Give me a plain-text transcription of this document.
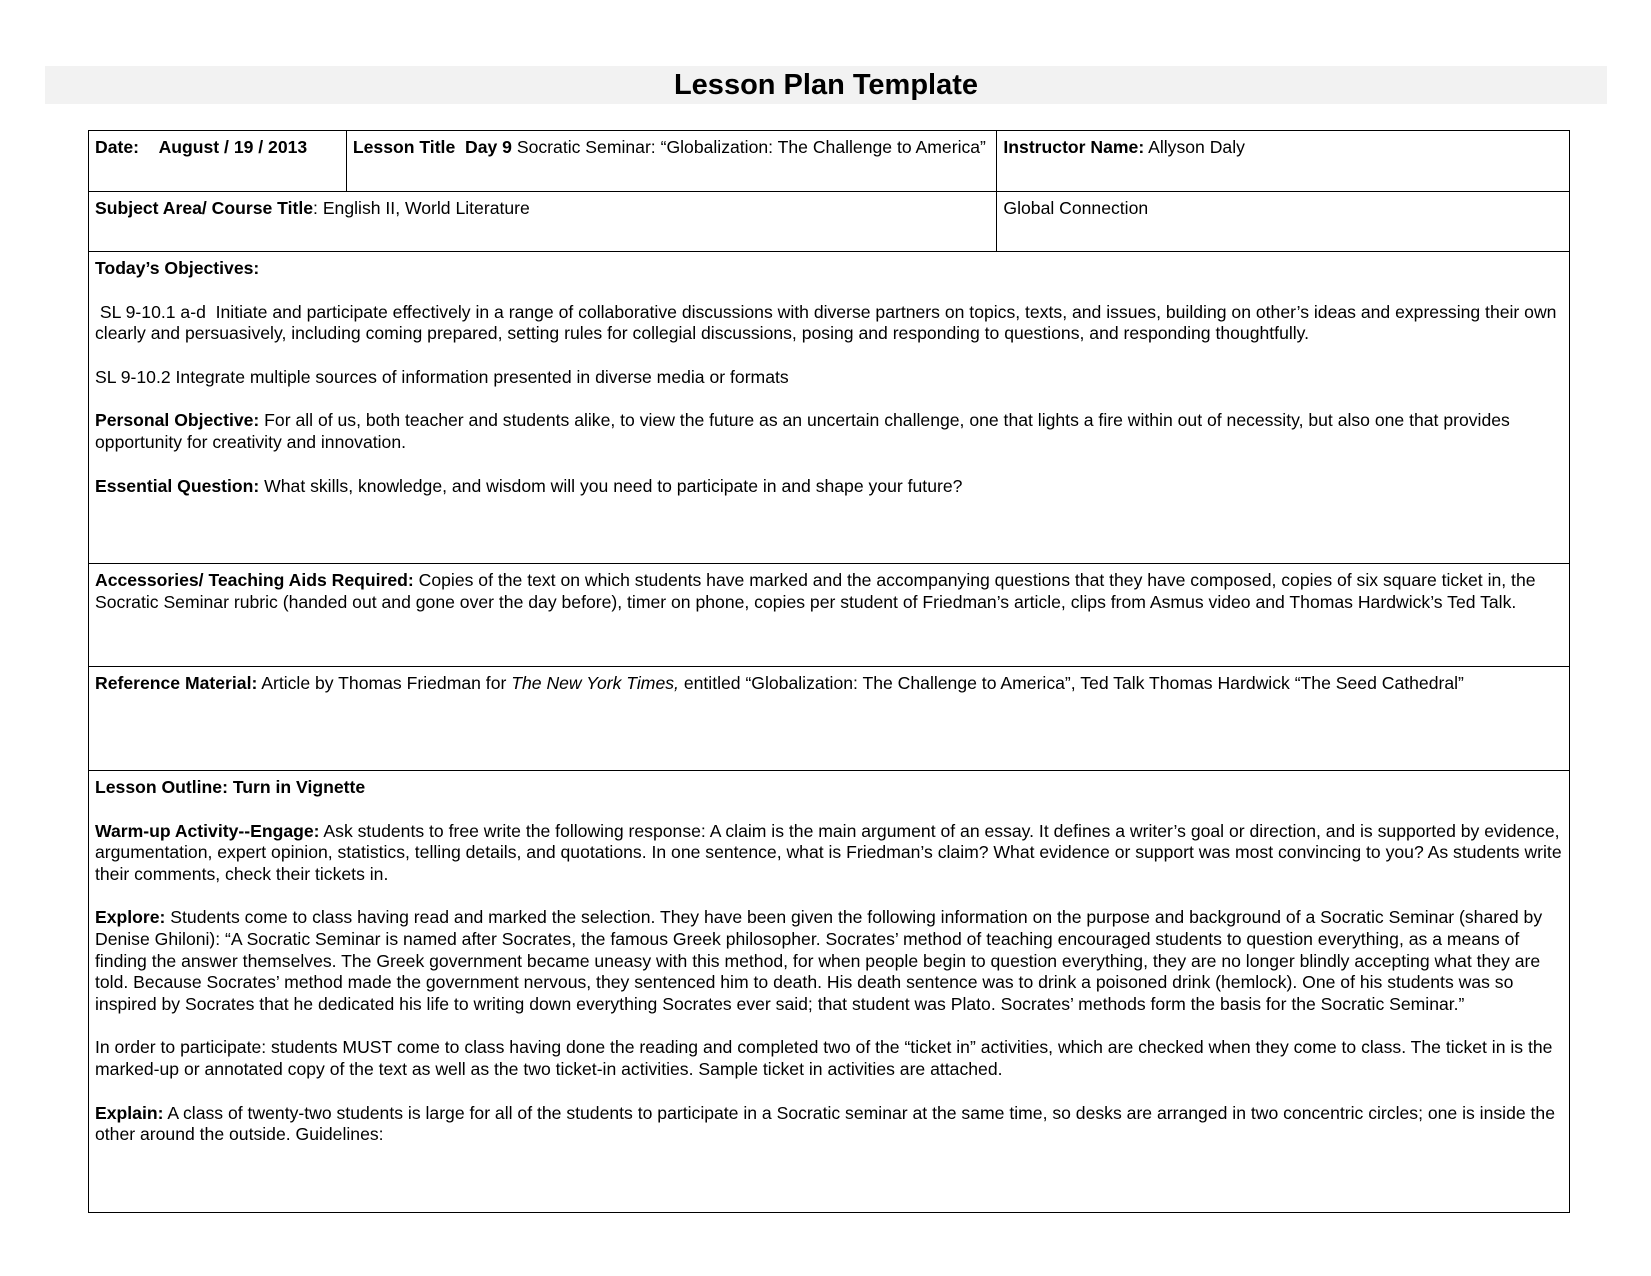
Lesson Plan Template
Date: August / 19 / 2013	Lesson Title Day 9 Socratic Seminar: “Globalization: The Challenge to America”	Instructor Name: Allyson Daly
Subject Area/ Course Title: English II, World Literature		Global Connection

Today’s Objectives:

SL 9-10.1 a-d  Initiate and participate effectively in a range of collaborative discussions with diverse partners on topics, texts, and issues, building on other’s ideas and expressing their own clearly and persuasively, including coming prepared, setting rules for collegial discussions, posing and responding to questions, and responding thoughtfully.

SL 9-10.2 Integrate multiple sources of information presented in diverse media or formats

Personal Objective: For all of us, both teacher and students alike, to view the future as an uncertain challenge, one that lights a fire within out of necessity, but also one that provides opportunity for creativity and innovation.

Essential Question: What skills, knowledge, and wisdom will you need to participate in and shape your future?		

Accessories/ Teaching Aids Required: Copies of the text on which students have marked and the accompanying questions that they have composed, copies of six square ticket in, the Socratic Seminar rubric (handed out and gone over the day before), timer on phone, copies per student of Friedman’s article, clips from Asmus video and Thomas Hardwick’s Ted Talk.		
Reference Material: Article by Thomas Friedman for The New York Times, entitled “Globalization: The Challenge to America”, Ted Talk Thomas Hardwick “The Seed Cathedral”		

Lesson Outline: Turn in Vignette

Warm-up Activity--Engage: Ask students to free write the following response: A claim is the main argument of an essay. It defines a writer’s goal or direction, and is supported by evidence, argumentation, expert opinion, statistics, telling details, and quotations. In one sentence, what is Friedman’s claim? What evidence or support was most convincing to you? As students write their comments, check their tickets in.

Explore: Students come to class having read and marked the selection. They have been given the following information on the purpose and background of a Socratic Seminar (shared by Denise Ghiloni): “A Socratic Seminar is named after Socrates, the famous Greek philosopher. Socrates’ method of teaching encouraged students to question everything, as a means of finding the answer themselves. The Greek government became uneasy with this method, for when people begin to question everything, they are no longer blindly accepting what they are told. Because Socrates’ method made the government nervous, they sentenced him to death. His death sentence was to drink a poisoned drink (hemlock). One of his students was so inspired by Socrates that he dedicated his life to writing down everything Socrates ever said; that student was Plato. Socrates’ methods form the basis for the Socratic Seminar.”

In order to participate: students MUST come to class having done the reading and completed two of the “ticket in” activities, which are checked when they come to class. The ticket in is the marked-up or annotated copy of the text as well as the two ticket-in activities. Sample ticket in activities are attached.

Explain: A class of twenty-two students is large for all of the students to participate in a Socratic seminar at the same time, so desks are arranged in two concentric circles; one is inside the other around the outside. Guidelines:		
